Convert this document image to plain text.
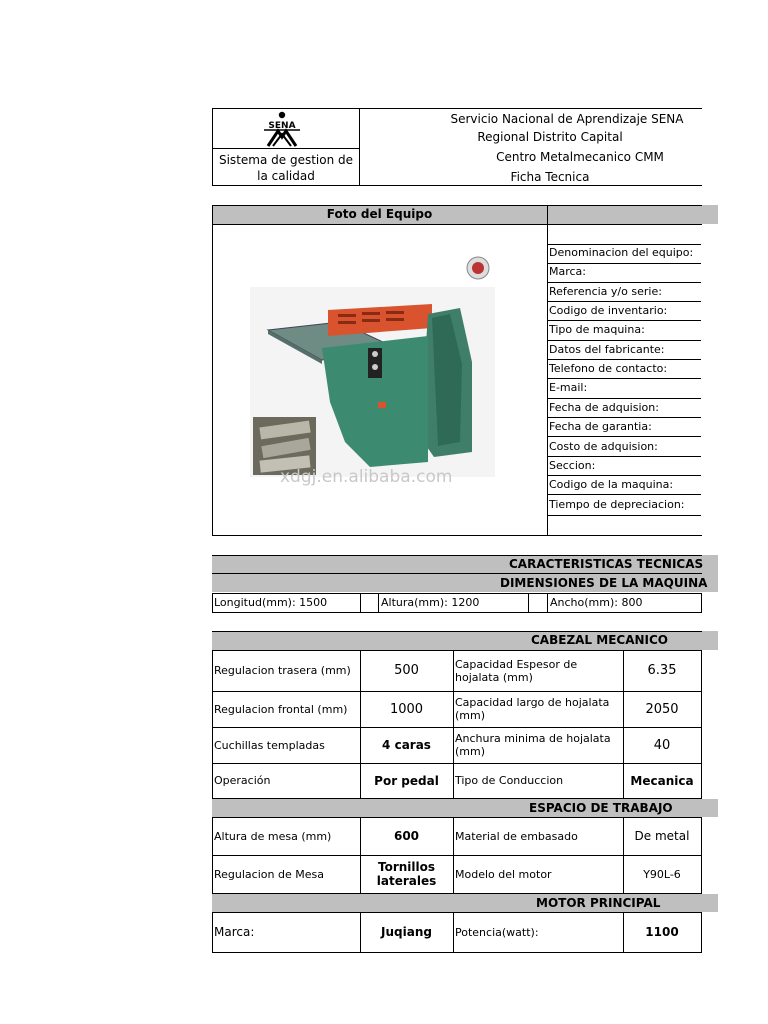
SENA
Sistema de gestion de la calidad
Servicio Nacional de Aprendizaje SENA
Regional Distrito Capital
Centro Metalmecanico CMM
Ficha Tecnica
Foto del Equipo
Denominacion del equipo:
Marca:
Referencia y/o serie:
Codigo de inventario:
Tipo de maquina:
Datos del fabricante:
Telefono de contacto:
E-mail:
Fecha de adquision:
Fecha de garantia:
Costo de adquision:
Seccion:
Codigo de la maquina:
Tiempo de depreciacion:
xdgj.en.alibaba.com
CARACTERISTICAS TECNICAS
DIMENSIONES DE LA MAQUINA
Longitud(mm): 1500	Altura(mm): 1200	Ancho(mm): 800
CABEZAL MECANICO
Regulacion trasera (mm)	500	Capacidad Espesor de hojalata (mm)	6.35
Regulacion frontal (mm)	1000	Capacidad largo de hojalata (mm)	2050
Cuchillas templadas	4 caras	Anchura minima de hojalata (mm)	40
Operación	Por pedal	Tipo de Conduccion	Mecanica
ESPACIO DE TRABAJO
Altura de mesa (mm)	600	Material de embasado	De metal
Regulacion de Mesa	Tornillos laterales	Modelo del motor	Y90L-6
MOTOR PRINCIPAL
Marca:	Juqiang	Potencia(watt):	1100
